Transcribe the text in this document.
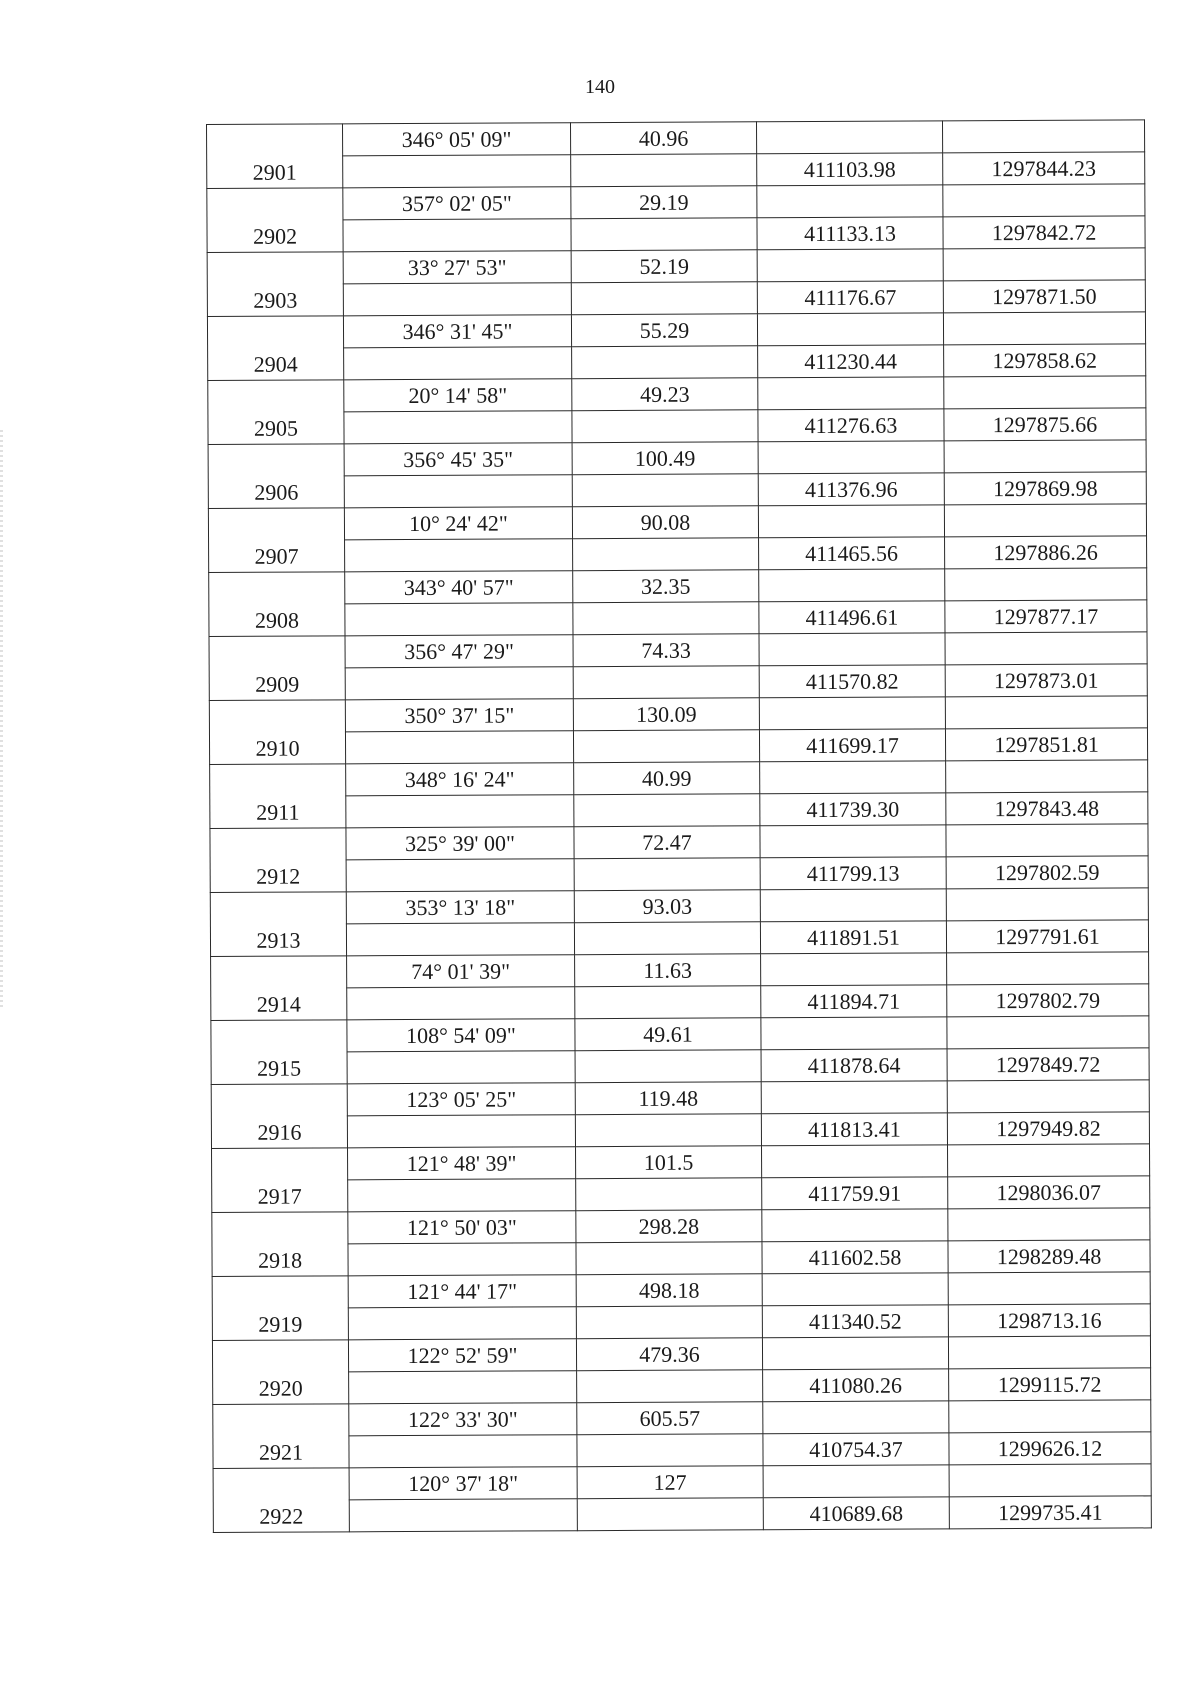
140
2901	346° 05' 09"	40.96		
			411103.98	1297844.23
2902	357° 02' 05"	29.19		
			411133.13	1297842.72
2903	33° 27' 53"	52.19		
			411176.67	1297871.50
2904	346° 31' 45"	55.29		
			411230.44	1297858.62
2905	20° 14' 58"	49.23		
			411276.63	1297875.66
2906	356° 45' 35"	100.49		
			411376.96	1297869.98
2907	10° 24' 42"	90.08		
			411465.56	1297886.26
2908	343° 40' 57"	32.35		
			411496.61	1297877.17
2909	356° 47' 29"	74.33		
			411570.82	1297873.01
2910	350° 37' 15"	130.09		
			411699.17	1297851.81
2911	348° 16' 24"	40.99		
			411739.30	1297843.48
2912	325° 39' 00"	72.47		
			411799.13	1297802.59
2913	353° 13' 18"	93.03		
			411891.51	1297791.61
2914	74° 01' 39"	11.63		
			411894.71	1297802.79
2915	108° 54' 09"	49.61		
			411878.64	1297849.72
2916	123° 05' 25"	119.48		
			411813.41	1297949.82
2917	121° 48' 39"	101.5		
			411759.91	1298036.07
2918	121° 50' 03"	298.28		
			411602.58	1298289.48
2919	121° 44' 17"	498.18		
			411340.52	1298713.16
2920	122° 52' 59"	479.36		
			411080.26	1299115.72
2921	122° 33' 30"	605.57		
			410754.37	1299626.12
2922	120° 37' 18"	127		
			410689.68	1299735.41
